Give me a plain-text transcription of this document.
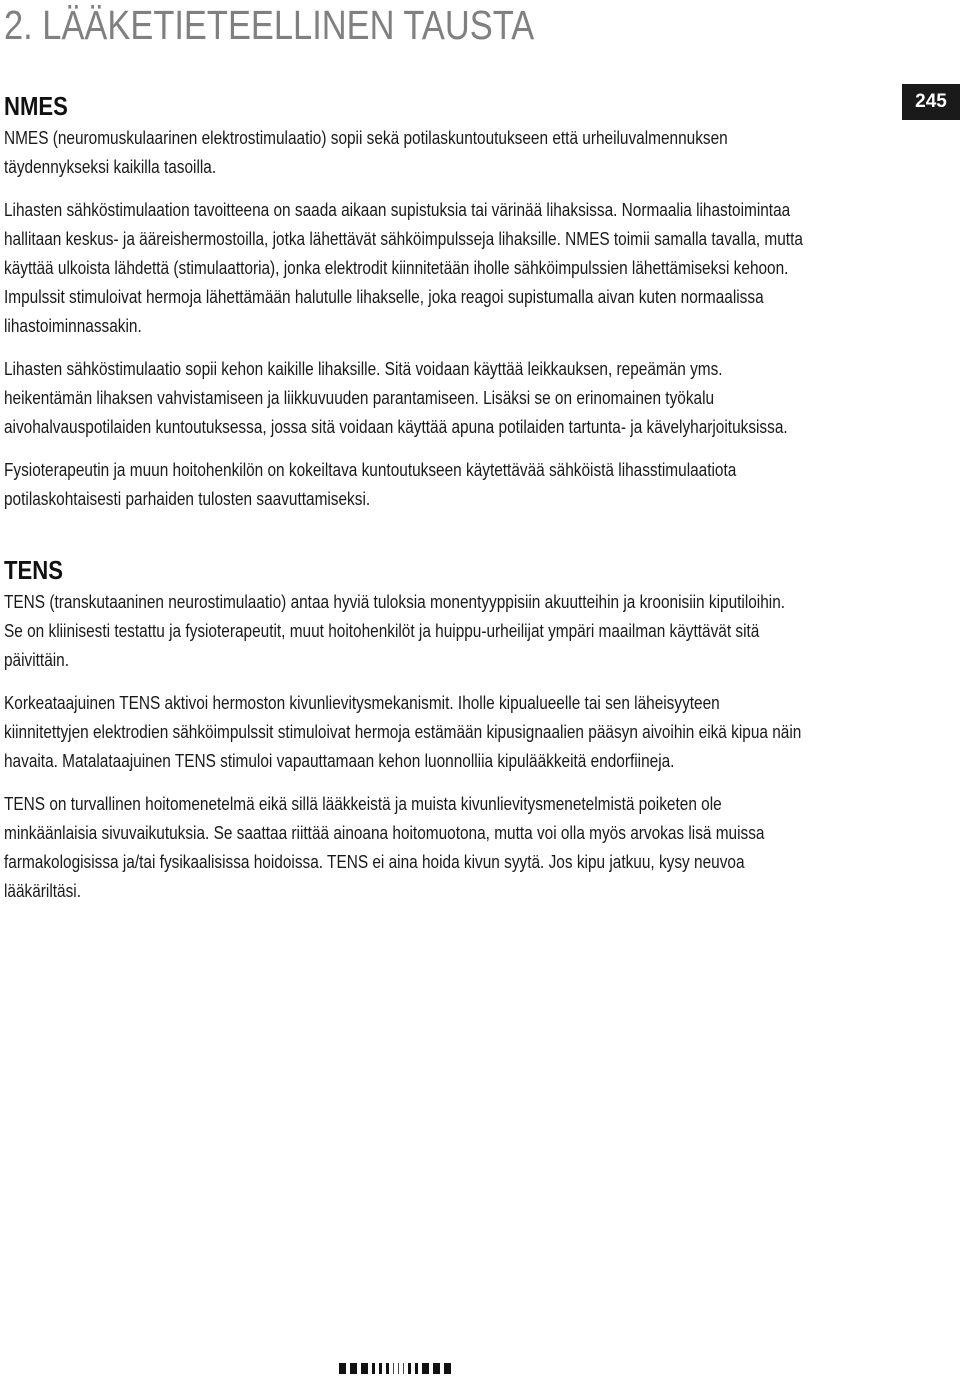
2. LÄÄKETIETEELLINEN TAUSTA
245
NMES

NMES (neuromuskulaarinen elektrostimulaatio) sopii sekä potilaskuntoutukseen että urheiluvalmennuksen täydennykseksi kaikilla tasoilla.

Lihasten sähköstimulaation tavoitteena on saada aikaan supistuksia tai värinää lihaksissa. Normaalia lihastoimintaa hallitaan keskus- ja ääreishermostoilla, jotka lähettävät sähköimpulsseja lihaksille. NMES toimii samalla tavalla, mutta käyttää ulkoista lähdettä (stimulaattoria), jonka elektrodit kiinnitetään iholle sähköimpulssien lähettämiseksi kehoon. Impulssit stimuloivat hermoja lähettämään halutulle lihakselle, joka reagoi supistumalla aivan kuten normaalissa lihastoiminnassakin.

Lihasten sähköstimulaatio sopii kehon kaikille lihaksille. Sitä voidaan käyttää leikkauksen, repeämän yms. heikentämän lihaksen vahvistamiseen ja liikkuvuuden parantamiseen. Lisäksi se on erinomainen työkalu aivohalvauspotilaiden kuntoutuksessa, jossa sitä voidaan käyttää apuna potilaiden tartunta- ja kävelyharjoituksissa.

Fysioterapeutin ja muun hoitohenkilön on kokeiltava kuntoutukseen käytettävää sähköistä lihasstimulaatiota potilaskohtaisesti parhaiden tulosten saavuttamiseksi.

TENS

TENS (transkutaaninen neurostimulaatio) antaa hyviä tuloksia monentyyppisiin akuutteihin ja kroonisiin kiputiloihin. Se on kliinisesti testattu ja fysioterapeutit, muut hoitohenkilöt ja huippu-urheilijat ympäri maailman käyttävät sitä päivittäin.

Korkeataajuinen TENS aktivoi hermoston kivunlievitysmekanismit. Iholle kipualueelle tai sen läheisyyteen kiinnitettyjen elektrodien sähköimpulssit stimuloivat hermoja estämään kipusignaalien pääsyn aivoihin eikä kipua näin havaita. Matalataajuinen TENS stimuloi vapauttamaan kehon luonnolliia kipulääkkeitä endorfiineja.

TENS on turvallinen hoitomenetelmä eikä sillä lääkkeistä ja muista kivunlievitysmenetelmistä poiketen ole minkäänlaisia sivuvaikutuksia. Se saattaa riittää ainoana hoitomuotona, mutta voi olla myös arvokas lisä muissa farmakologisissa ja/tai fysikaalisissa hoidoissa. TENS ei aina hoida kivun syytä. Jos kipu jatkuu, kysy neuvoa lääkäriltäsi.
